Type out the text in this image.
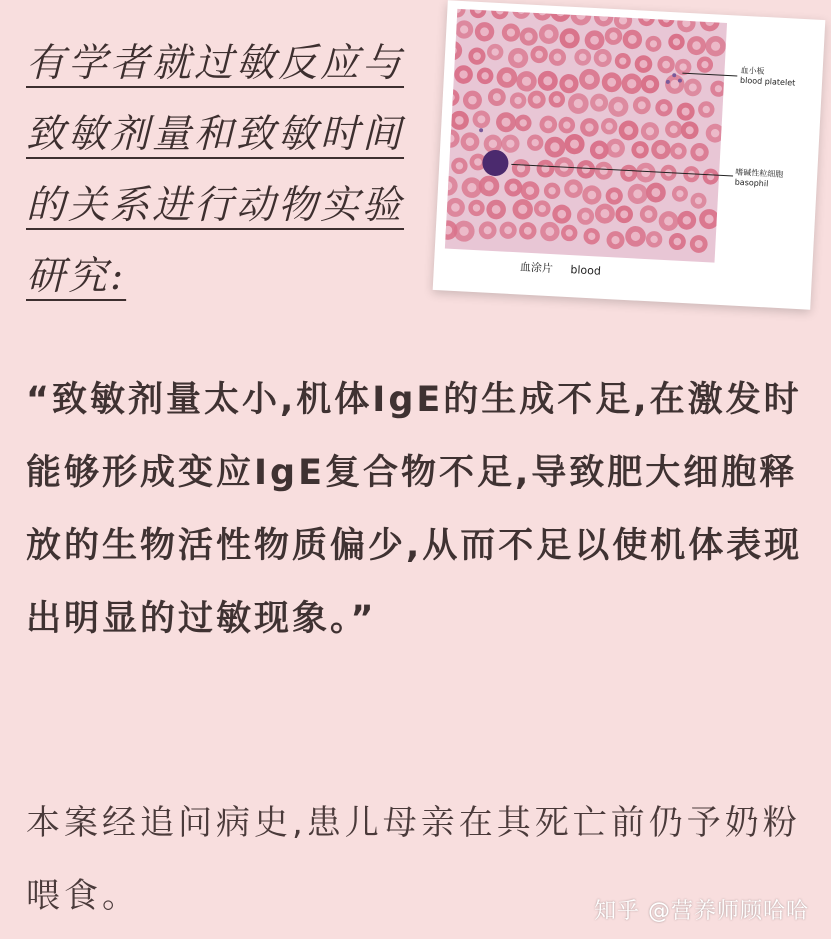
有学者就过敏反应与致敏剂量和致敏时间的关系进行动物实验研究:

血小板
blood platelet
嗜碱性粒细胞
basophil
血涂片 blood

“致敏剂量太小,机体IgE的生成不足,在激发时能够形成变应IgE复合物不足,导致肥大细胞释放的生物活性物质偏少,从而不足以使机体表现出明显的过敏现象。”

本案经追问病史,患儿母亲在其死亡前仍予奶粉喂食。	知乎 @营养师顾哈哈
